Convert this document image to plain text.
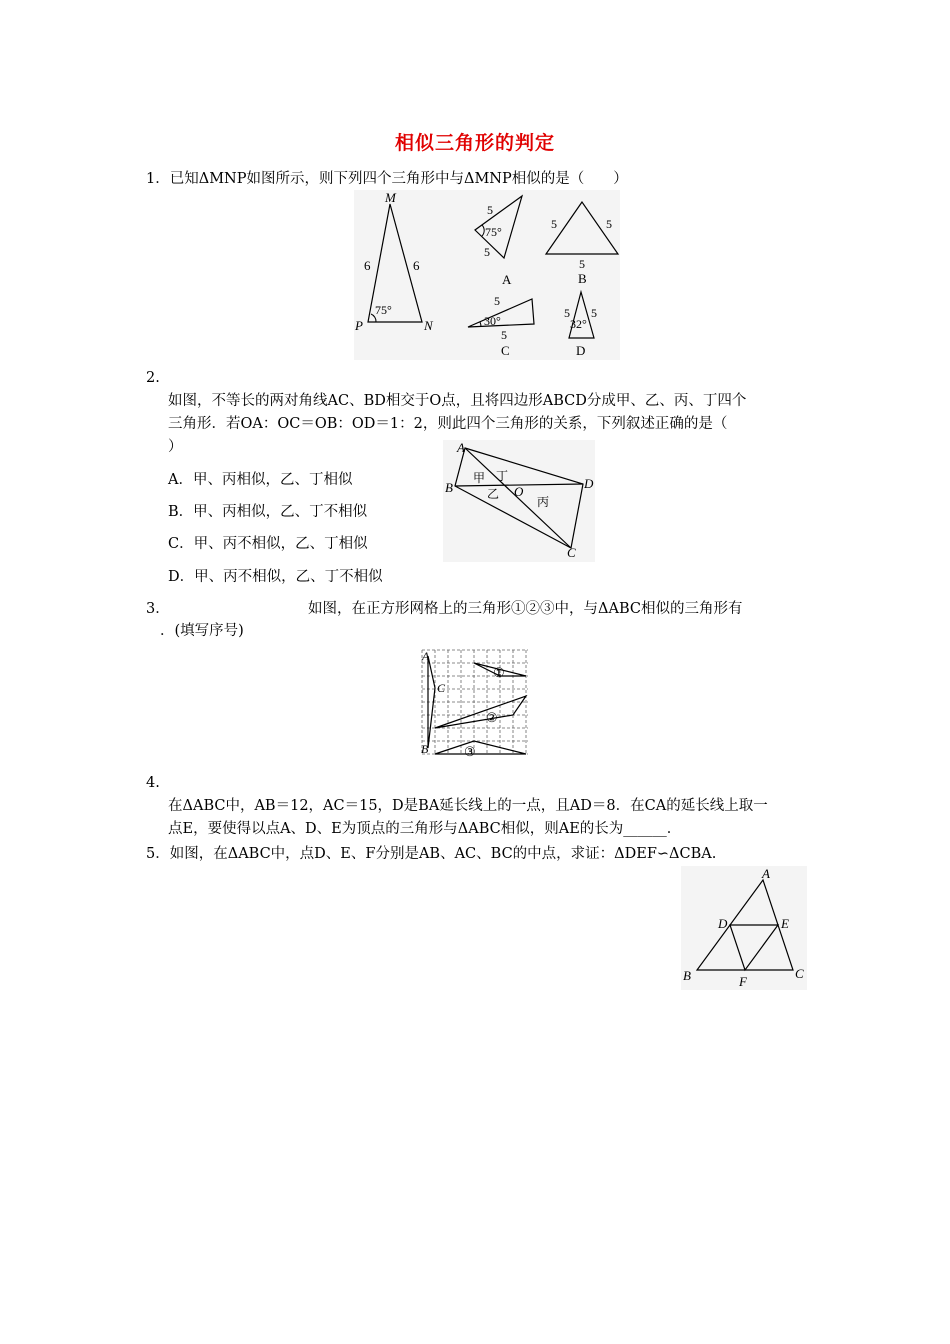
相似三角形的判定
1．已知ΔMNP如图所示，则下列四个三角形中与ΔMNP相似的是（　　）
M
N
P
6	6
75°
5
5
75°
A
5	5
5
B
5
5
30°
C
5 5
32°
D
2.
如图，不等长的两对角线AC、BD相交于O点，且将四边形ABCD分成甲、乙、丙、丁四个
三角形．若OA：OC＝OB：OD＝1：2，则此四个三角形的关系，下列叙述正确的是（
）
A．甲、丙相似，乙、丁相似
B．甲、丙相似，乙、丁不相似
C．甲、丙不相似，乙、丁相似
D．甲、丙不相似，乙、丁不相似
A
B
C
D
O
甲 丁
乙
丙
3．	如图，在正方形网格上的三角形①②③中，与ΔABC相似的三角形有
．(填写序号)
A
B
C
①
②
③
4.
在ΔABC中，AB＝12，AC＝15，D是BA延长线上的一点，且AD＝8．在CA的延长线上取一
点E，要使得以点A、D、E为顶点的三角形与ΔABC相似，则AE的长为______．
5．如图，在ΔABC中，点D、E、F分别是AB、AC、BC的中点，求证：ΔDEF∽ΔCBA.
A
B	C
D	E
F
